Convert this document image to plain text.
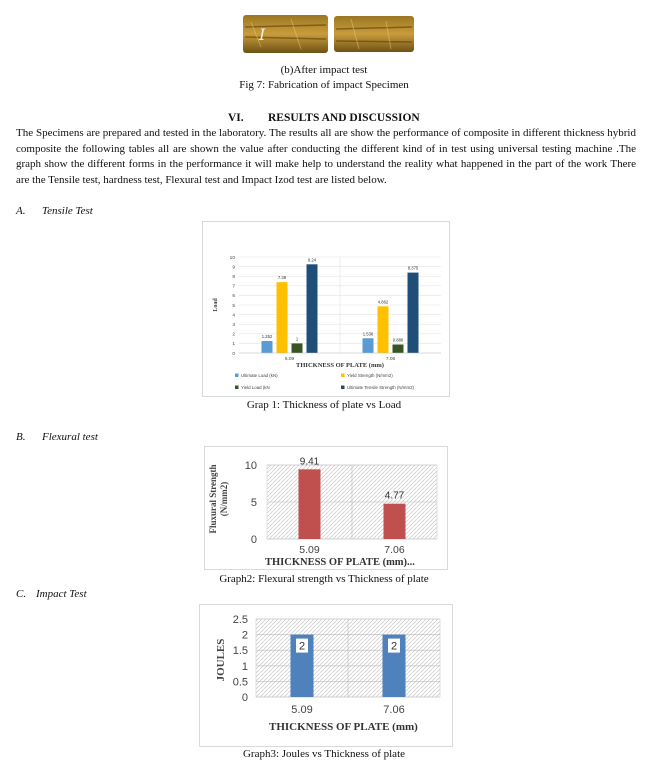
I
(b)After impact test
Fig 7: Fabrication of impact Specimen
VI. RESULTS AND DISCUSSION
The Specimens are prepared and tested in the laboratory. The results all are show the performance of composite in different thickness hybrid composite the following tables all are shown the value after conducting the different kind of in test using universal testing machine .The graph show the different forms in the performance it will make help to understand the reality what happened in the part of the work There are the Tensile test, hardness test, Flexural test and Impact Izod test are listed below.
A. Tensile Test
0
1
2
3
4
5
6
7
8
9
10
1.252
7.38
1
9.24
5.09
1.536
4.862
0.886
8.375
7.06
Load
THICKNESS OF PLATE (mm)
Ultimate Load (kN)	Yield Strength (N/mm2)
Yield Load (kN	Ultimate Tensile Strength (N/mm2)
Grap 1: Thickness of plate vs Load
B. Flexural test
0
5
10	9.41
5.09
4.77
7.06
Fluxural Strength (N/mm2)
THICKNESS OF PLATE (mm)...
Graph2: Flexural strength vs Thickness of plate
C. Impact Test
0
0.5
1
1.5
2
2.5
2
5.09
2
7.06
JOULES
THICKNESS OF PLATE (mm)
Graph3: Joules vs Thickness of plate
